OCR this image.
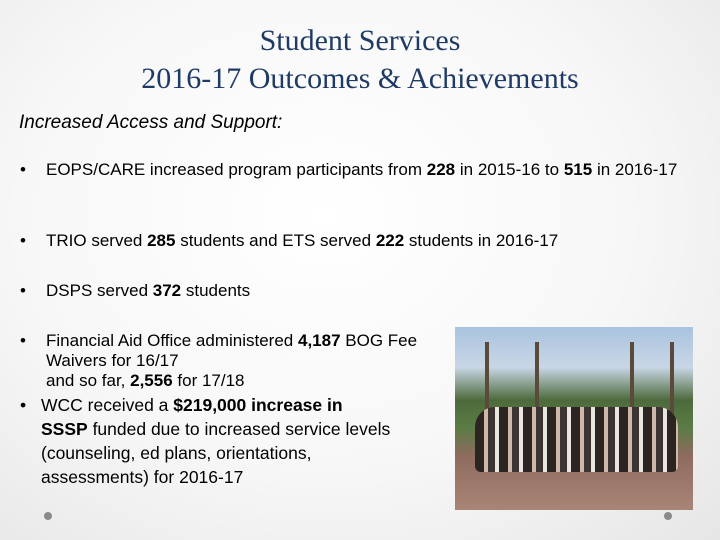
Student Services
2016-17 Outcomes & Achievements
Increased Access and Support:
• EOPS/CARE increased program participants from 228 in 2015-16 to 515 in 2016-17
• TRIO served 285 students and ETS served 222 students in 2016-17
• DSPS served 372 students
• Financial Aid Office administered 4,187 BOG Fee Waivers for 16/17
and so far, 2,556 for 17/18
• WCC received a $219,000 increase in
SSSP funded due to increased service levels
(counseling, ed plans, orientations,
assessments) for 2016-17
